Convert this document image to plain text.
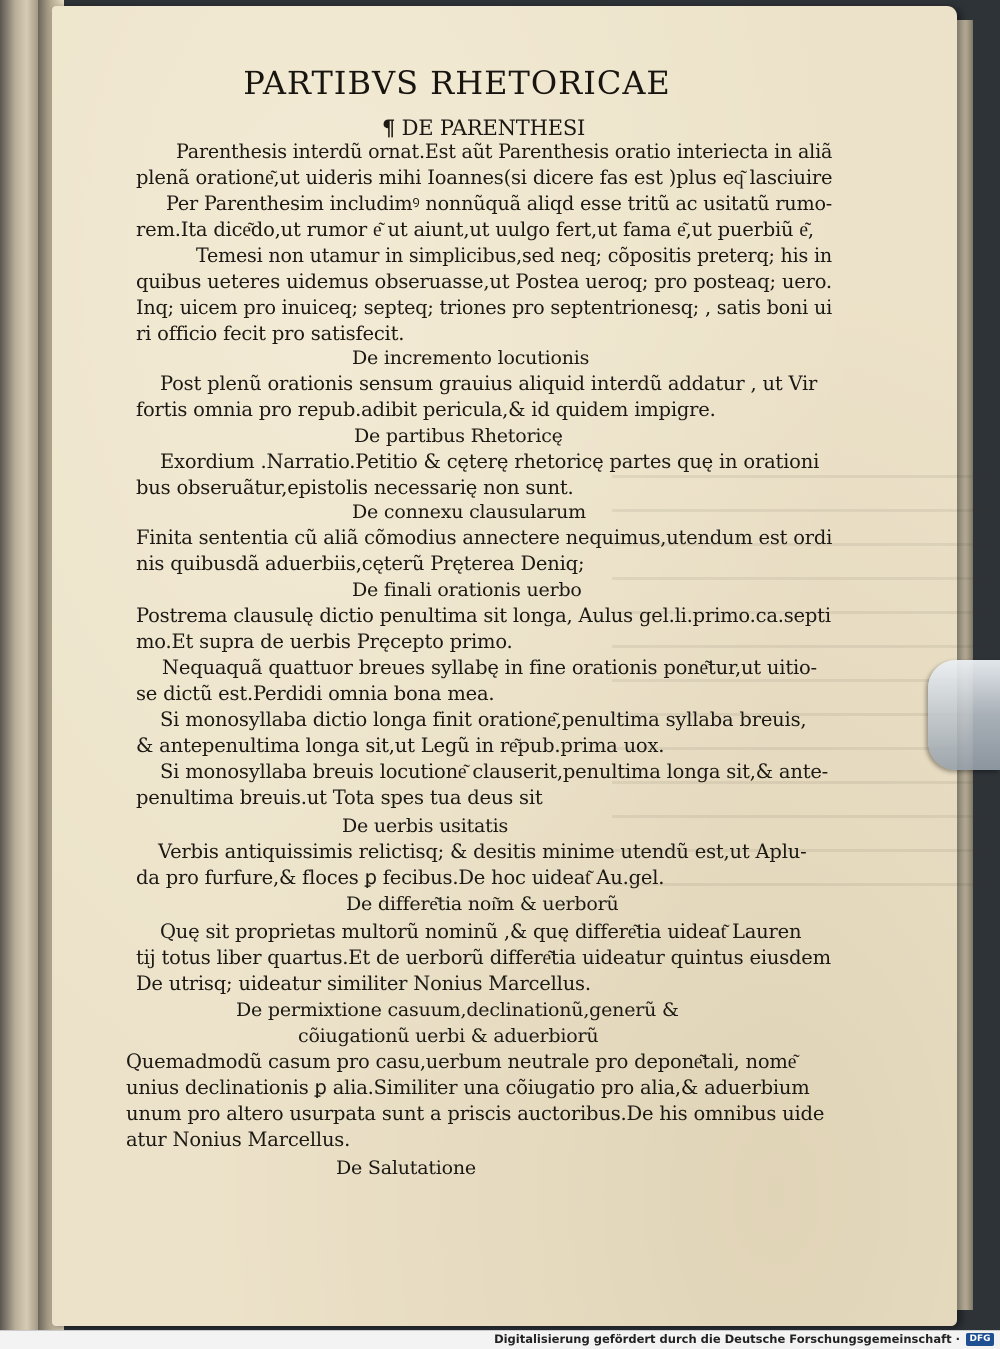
PARTIBVS RHETORICAE
¶ DE PARENTHESI
Parenthesis interdũ ornat.Est aũt Parenthesis oratio interiecta in aliã
plenã oratione͂,ut uideris mihi Ioannes(si dicere fas est )plus eq͂ lasciuire
Per Parenthesim includimꝰ nonnũquã aliqd esse tritũ ac usitatũ rumo-
rem.Ita dice͂do,ut rumor e͂ ut aiunt,ut uulgo fert,ut fama e͂,ut puerbiũ e͂,
Temesi non utamur in simplicibus,sed neq; cõpositis preterq; his in
quibus ueteres uidemus obseruasse,ut Postea ueroq; pro posteaq; uero.
Inq; uicem pro inuiceq; septeq; triones pro septentrionesq; , satis boni ui
ri officio fecit pro satisfecit.
De incremento locutionis
Post plenũ orationis sensum grauius aliquid interdũ addatur , ut Vir
fortis omnia pro repub.adibit pericula,& id quidem impigre.
De partibus Rhetoricę
Exordium .Narratio.Petitio & cęterę rhetoricę partes quę in orationi
bus obseruãtur,epistolis necessarię non sunt.
De connexu clausularum
Finita sententia cũ aliã cõmodius annectere nequimus,utendum est ordi
nis quibusdã aduerbiis,cęterũ Pręterea Deniq;
De finali orationis uerbo
Postrema clausulę dictio penultima sit longa, Aulus gel.li.primo.ca.septi
mo.Et supra de uerbis Pręcepto primo.
Nequaquã quattuor breues syllabę in fine orationis pone͂tur,ut uitio-
se dictũ est.Perdidi omnia bona mea.
Si monosyllaba dictio longa finit oratione͂,penultima syllaba breuis,
& antepenultima longa sit,ut Legũ in re͂pub.prima uox.
Si monosyllaba breuis locutione͂ clauserit,penultima longa sit,& ante-
penultima breuis.ut Tota spes tua deus sit
De uerbis usitatis
Verbis antiquissimis relictisq; & desitis minime utendũ est,ut Aplu-
da pro furfure,& floces ꝑ fecibus.De hoc uideat͂ Au.gel.
De differe͂tia noı͂m & uerborũ
Quę sit proprietas multorũ nominũ ,& quę differe͂tia uideat͂ Lauren
tij totus liber quartus.Et de uerborũ differe͂tia uideatur quintus eiusdem
De utrisq; uideatur similiter Nonius Marcellus.
De permixtione casuum,declinationũ,generũ &
cõiugationũ uerbi & aduerbiorũ
Quemadmodũ casum pro casu,uerbum neutrale pro depone͂tali, nome͂
unius declinationis ꝑ alia.Similiter una cõiugatio pro alia,& aduerbium
unum pro altero usurpata sunt a priscis auctoribus.De his omnibus uide
atur Nonius Marcellus.
De Salutatione
Digitalisierung gefördert durch die Deutsche Forschungsgemeinschaft ·	DFG
